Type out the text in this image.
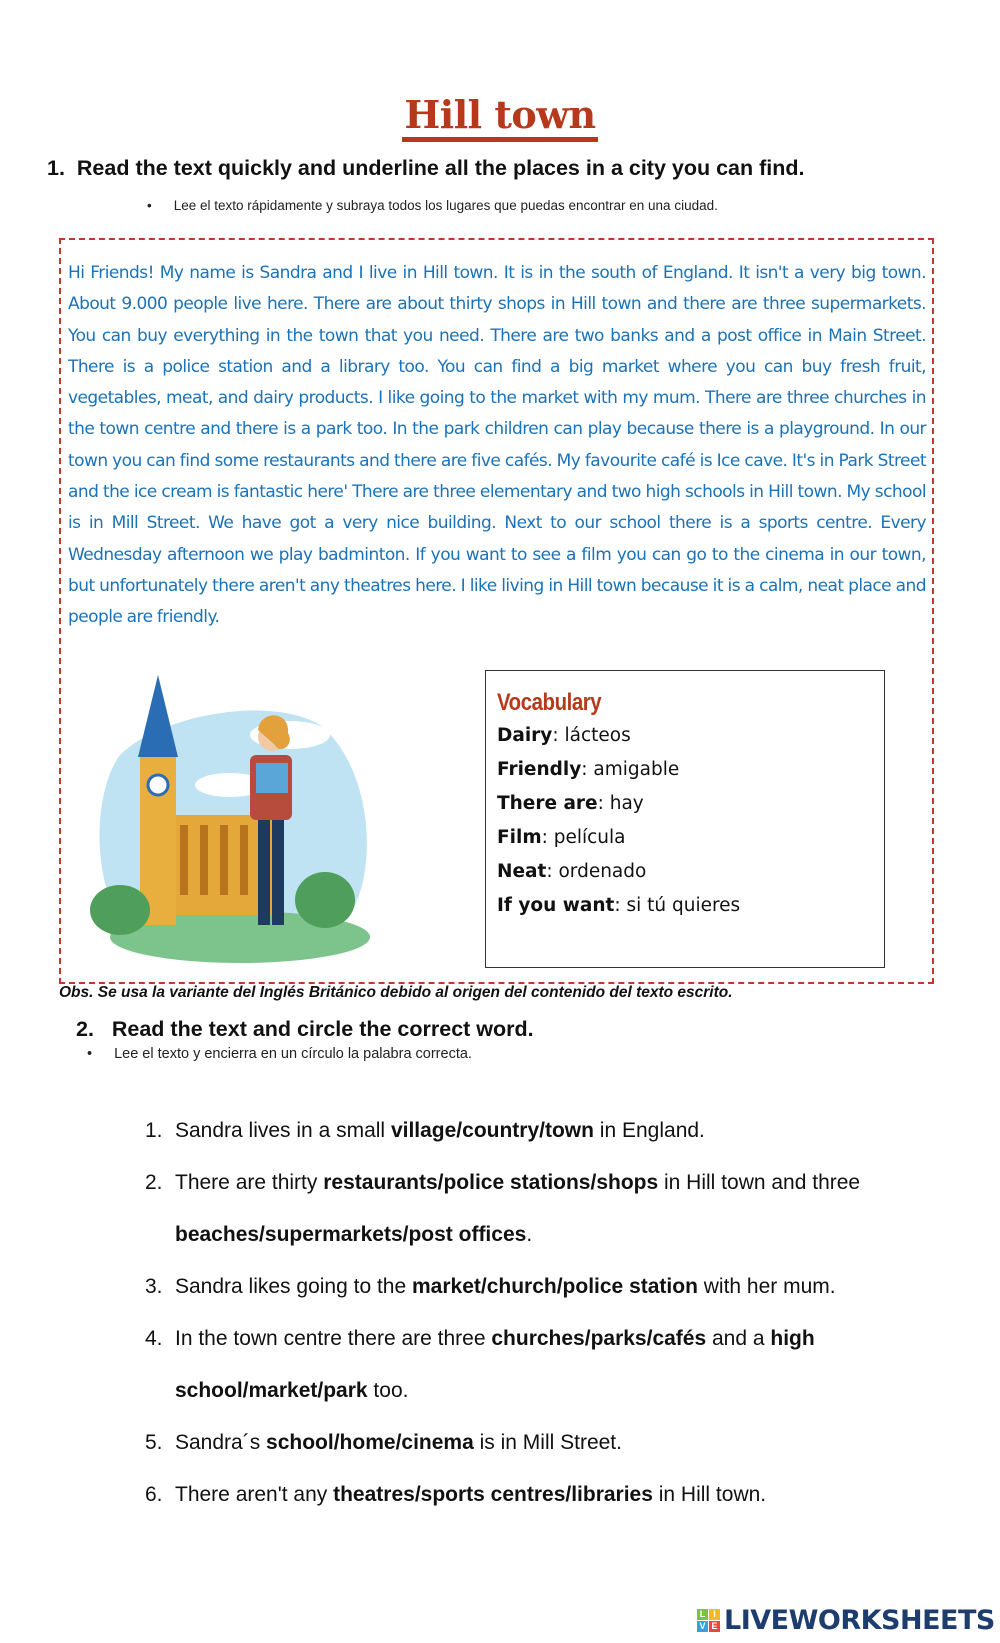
Hill town
1. Read the text quickly and underline all the places in a city you can find.
• Lee el texto rápidamente y subraya todos los lugares que puedas encontrar en una ciudad.
Hi Friends! My name is Sandra and I live in Hill town. It is in the south of England. It isn't a very big town. About 9.000 people live here. There are about thirty shops in Hill town and there are three supermarkets. You can buy everything in the town that you need. There are two banks and a post office in Main Street. There is a police station and a library too. You can find a big market where you can buy fresh fruit, vegetables, meat, and dairy products. I like going to the market with my mum. There are three churches in the town centre and there is a park too. In the park children can play because there is a playground. In our town you can find some restaurants and there are five cafés. My favourite café is Ice cave. It's in Park Street and the ice cream is fantastic here' There are three elementary and two high schools in Hill town. My school is in Mill Street. We have got a very nice building. Next to our school there is a sports centre. Every Wednesday afternoon we play badminton. If you want to see a film you can go to the cinema in our town, but unfortunately there aren't any theatres here. I like living in Hill town because it is a calm, neat place and people are friendly.
Vocabulary
Dairy: lácteos
Friendly: amigable
There are: hay
Film: película
Neat: ordenado
If you want: si tú quieres
Obs. Se usa la variante del Inglés Británico debido al origen del contenido del texto escrito.
2. Read the text and circle the correct word.
• Lee el texto y encierra en un círculo la palabra correcta.
1. Sandra lives in a small village/country/town in England.
2. There are thirty restaurants/police stations/shops in Hill town and three beaches/supermarkets/post offices.
3. Sandra likes going to the market/church/police station with her mum.
4. In the town centre there are three churches/parks/cafés and a high school/market/park too.
5. Sandra´s school/home/cinema is in Mill Street.
6. There aren't any theatres/sports centres/libraries in Hill town.
L I
V E LIVEWORKSHEETS
